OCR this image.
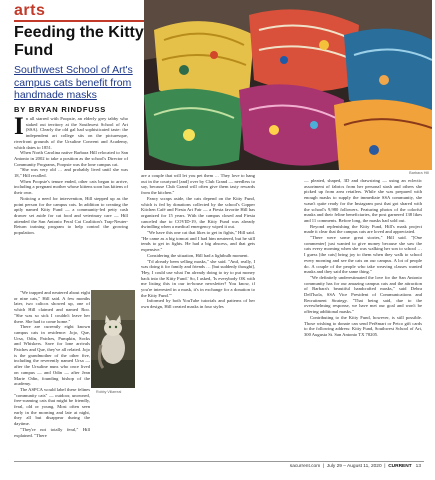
arts
Feeding the Kitty Fund
Southwest School of Art's campus cats benefit from handmade masks
BY BRYAN RINDFUSS
Barbara Hill

In all starred with Poopsie, an elderly grey tabby who staked out territory at the Southwest School of Art (SSA). Clearly the old gal had sophisticated taste: the independent art college sits on the picturesque, riverfront grounds of the Ursuline Convent and Academy, which dates to 1851.

When North Carolina native Barbara Hill relocated to San Antonio in 2002 to take a position as the school's Director of Community Programs, Poopsie was the lone campus cat.

"She was very old … and probably lived until she was 18," Hill recalled.

When Poopsie's tenure ended, other cats began to arrive, including a pregnant mother whose kittens soon has kittens of their own.

Noticing a need for intervention, Hill stepped up as the point person for the campus cats. In addition to creating the aptly named Kitty Fund — a community-led petty cash drawer set aside for cat food and veterinary care — Hill attended the San Antonio Feral Cat Coalition's Trap-Neuter-Return training program to help control the growing population.

"We trapped and neutered about eight or nine cats," Hill said. A few months later, two calicos showed up, one of which Hill claimed and named Roo. "She was so sick I couldn't leave her there. She had to come home."

There are currently eight known campus cats in residence: Jojo, Que, Ursa, Odin, Patches, Pumpkin, Socks and Whiskers. Save for lone arrivals Patches and Que, they've all related. Jojo is the grandmother of the other five, including the reverently named Ursa — after the Ursuline nuns who once lived on campus — and Odin — after Jean Marie Odin, founding bishop of the academy.

The ASPCA would label these felines "community cats" — outdoor, unowned, free-roaming cats that might be friendly, feral, old or young. Most often seen early in the morning and late at night, they all but disappear during the daytime.

"They're not totally feral," Hill explained. "There

Robby Villarreal

are a couple that will let you pet them … They love to hang out in the courtyard [and] over by Club Grand — needless to say, because Club Grand will often give them tasty rewards from the kitchen."

Fancy scraps aside, the cats depend on the Kitty Fund, which is fed by donations collected by the school's Copper Kitchen Café and Fiesta Art Fair — a Fiesta favorite Hill has organized for 15 years. With the campus closed and Fiesta canceled due to COVID-19, the Kitty Fund was already dwindling when a medical emergency wiped it out.

"We have this one cat that likes to get in fights," Hill said. "He came as a big tomcat and I had him neutered, but he still tends to get in fights. He had a big abscess, and that gets expensive."

Considering the situation, Hill had a lightbulb moment.

"I'd already been selling masks," she said. "And, really, I was doing it for family and friends … [but suddenly thought], 'Hey, I could use what I'm already doing to try to put money back into the Kitty Fund.' So, I asked, 'Is everybody OK with me listing this in our in-house newsletter? You know, if you're interested in a mask, it's in exchange for a donation to the Kitty Fund.'"

Informed by both YouTube tutorials and patterns of her own design, Hill created masks in four styles

— pleated, shaped, 3D and drawstring — using an eclectic assortment of fabrics from her personal stash and others she picked up from area retailers. While she was prepared with enough masks to supply the immediate SSA community, she wasn't quite ready for the Instagram post that got shared with the school's 9,980 followers. Featuring photos of the colorful masks and their feline beneficiaries, the post garnered 138 likes and 11 comments. Before long, the masks had sold out.

Beyond replenishing the Kitty Fund, Hill's mask project made it clear that the campus cats are loved and appreciated.

"There were some great stories," Hill said. "[One commenter] just wanted to give money because she saw the cats every morning when she was walking her son to school … I guess [the cats] bring joy to them when they walk to school every morning and see the cats on our campus. A lot of people do. A couple of the people who take weaving classes wanted masks and they said the same thing."

"We definitely underestimated the love for the San Antonio community has for our amazing campus cats and the attraction of Barbara's beautiful handcrafted masks," said Debra Dell'Isola, SSA Vice President of Communications and Recruitment Strategy. "That being said, due to the overwhelming response, we have met our goal and won't be offering additional masks."

Contributing to the Kitty Fund, however, is still possible. Those wishing to donate can send PetSmart or Petco gift cards to the following address: Kitty Fund, Southwest School of Art, 300 Augusta St. San Antonio TX 78205.

sacurrent.com  |  July 29 – August 11, 2020  |  CURRENT 13
